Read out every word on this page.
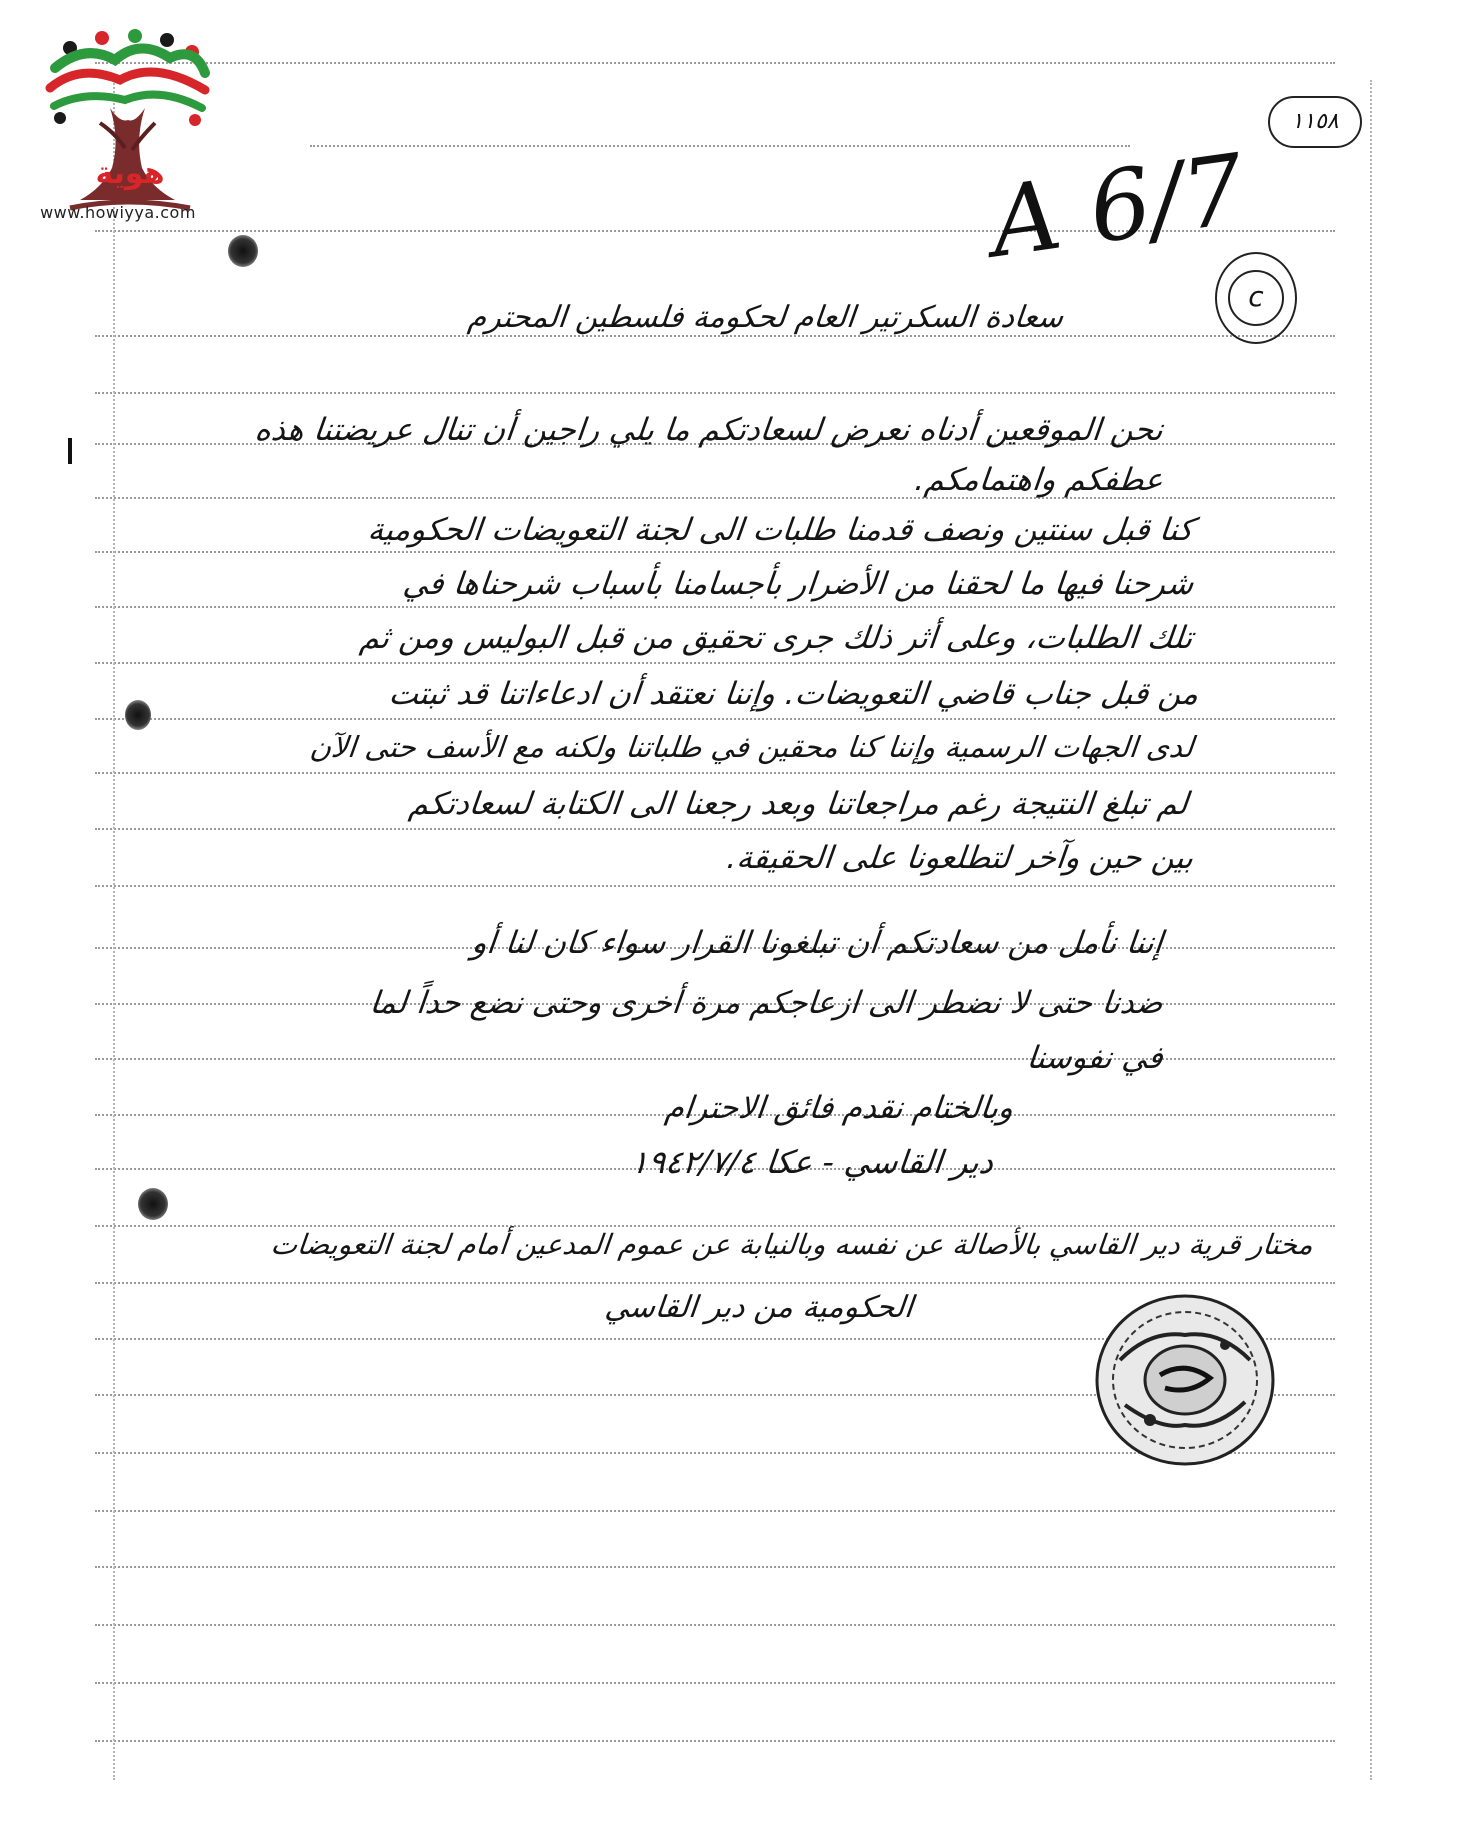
هوية
www.howiyya.com
١١٥٨
A 6/7
c
سعادة السكرتير العام لحكومة فلسطين المحترم
نحن الموقعين أدناه نعرض لسعادتكم ما يلي راجين أن تنال عريضتنا هذه
عطفكم واهتمامكم.
كنا قبل سنتين ونصف قدمنا طلبات الى لجنة التعويضات الحكومية
شرحنا فيها ما لحقنا من الأضرار بأجسامنا بأسباب شرحناها في
تلك الطلبات، وعلى أثر ذلك جرى تحقيق من قبل البوليس ومن ثم
من قبل جناب قاضي التعويضات. وإننا نعتقد أن ادعاءاتنا قد ثبتت
لدى الجهات الرسمية وإننا كنا محقين في طلباتنا ولكنه مع الأسف حتى الآن
لم تبلغ النتيجة رغم مراجعاتنا وبعد رجعنا الى الكتابة لسعادتكم
بين حين وآخر لتطلعونا على الحقيقة.
إننا نأمل من سعادتكم أن تبلغونا القرار سواء كان لنا أو
ضدنا حتى لا نضطر الى ازعاجكم مرة أخرى وحتى نضع حداً لما
في نفوسنا
وبالختام نقدم فائق الاحترام
دير القاسي - عكا ١٩٤٢/٧/٤
مختار قرية دير القاسي بالأصالة عن نفسه وبالنيابة عن عموم المدعين أمام لجنة التعويضات
الحكومية من دير القاسي
